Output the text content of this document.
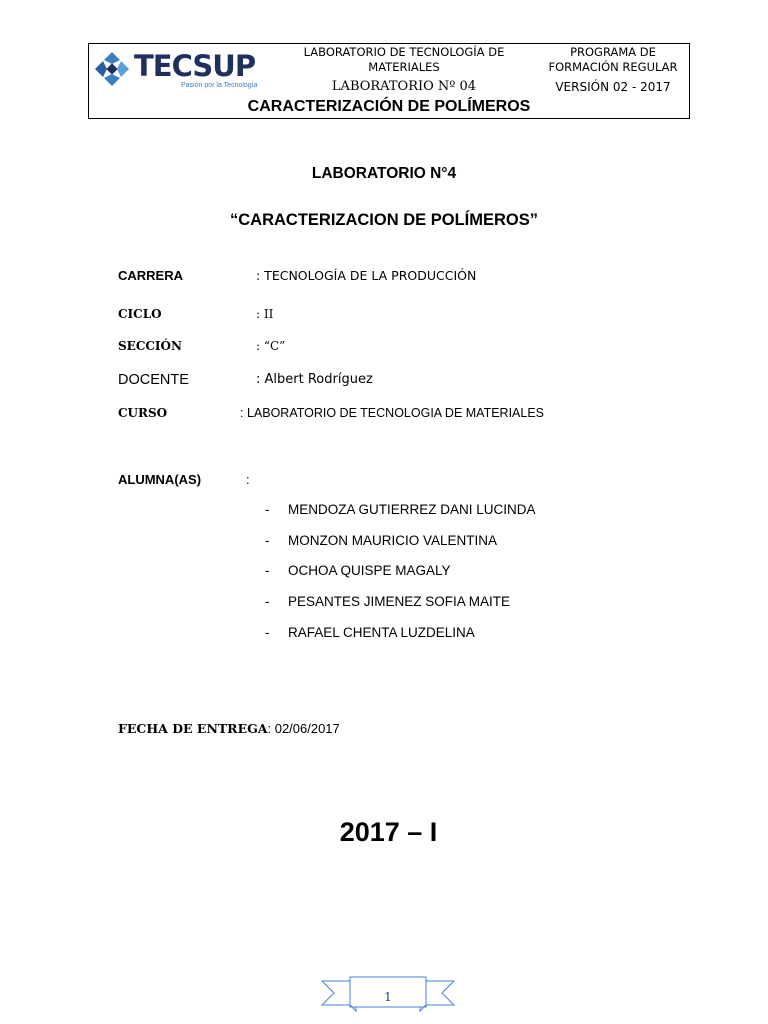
TECSUP
Pasión por la Tecnología
LABORATORIO DE TECNOLOGÍA DE
MATERIALES
PROGRAMA DE
FORMACIÓN REGULAR
LABORATORIO Nº 04	VERSIÓN 02 - 2017
CARACTERIZACIÓN DE POLÍMEROS
LABORATORIO N°4
“CARACTERIZACION DE POLÍMEROS”
CARRERA	: TECNOLOGÍA DE LA PRODUCCIÓN
CICLO	: II
SECCIÓN	: “C”
DOCENTE	: Albert Rodríguez
CURSO	: LABORATORIO DE TECNOLOGIA DE MATERIALES
ALUMNA(AS)	:
- MENDOZA GUTIERREZ DANI LUCINDA
- MONZON MAURICIO VALENTINA
- OCHOA QUISPE MAGALY
- PESANTES JIMENEZ SOFIA MAITE
- RAFAEL CHENTA LUZDELINA
FECHA DE ENTREGA: 02/06/2017
2017 – I
1
